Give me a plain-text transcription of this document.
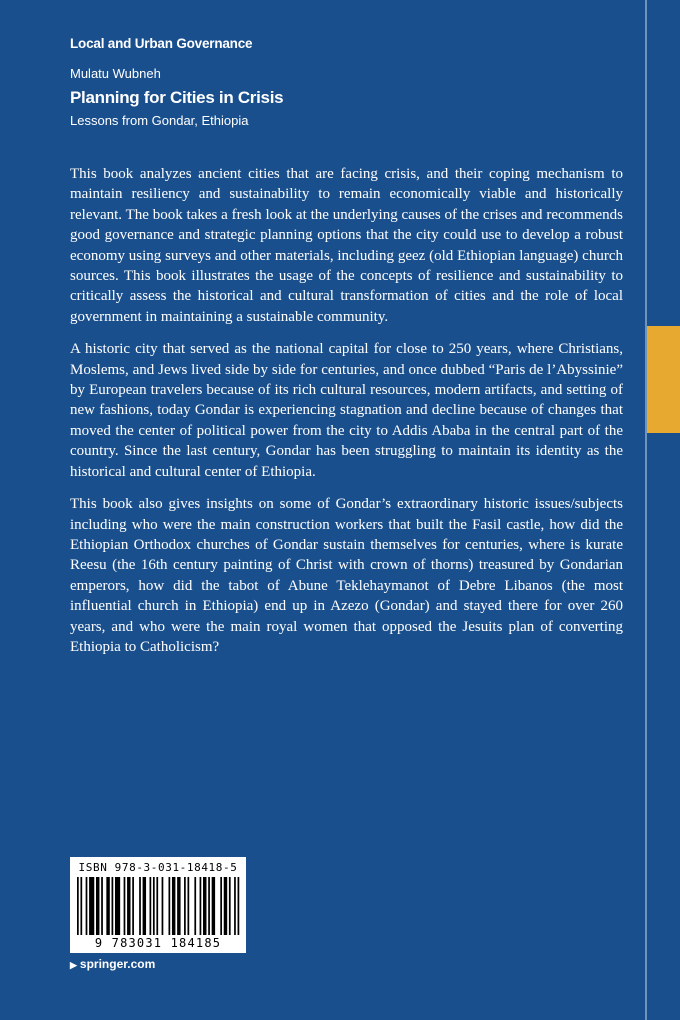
Local and Urban Governance
Mulatu Wubneh
Planning for Cities in Crisis
Lessons from Gondar, Ethiopia

This book analyzes ancient cities that are facing crisis, and their coping mechanism to maintain resiliency and sustainability to remain economically viable and historically relevant. The book takes a fresh look at the underlying causes of the crises and recommends good governance and strategic planning options that the city could use to develop a robust economy using surveys and other materials, including geez (old Ethiopian language) church sources. This book illustrates the usage of the concepts of resilience and sustainability to critically assess the historical and cultural transformation of cities and the role of local government in maintaining a sustainable community.

A historic city that served as the national capital for close to 250 years, where Christians, Moslems, and Jews lived side by side for centuries, and once dubbed “Paris de l’Abyssinie” by European travelers because of its rich cultural resources, modern artifacts, and setting of new fashions, today Gondar is experiencing stagnation and decline because of changes that moved the center of political power from the city to Addis Ababa in the central part of the country. Since the last century, Gondar has been struggling to maintain its identity as the historical and cultural center of Ethiopia.

This book also gives insights on some of Gondar’s extraordinary historic issues/subjects including who were the main construction workers that built the Fasil castle, how did the Ethiopian Orthodox churches of Gondar sustain themselves for centuries, where is kurate Reesu (the 16th century painting of Christ with crown of thorns) treasured by Gondarian emperors, how did the tabot of Abune Teklehaymanot of Debre Libanos (the most influential church in Ethiopia) end up in Azezo (Gondar) and stayed there for over 260 years, and who were the main royal women that opposed the Jesuits plan of converting Ethiopia to Catholicism?

ISBN 978-3-031-18418-5
9 783031 184185
▶ springer.com
